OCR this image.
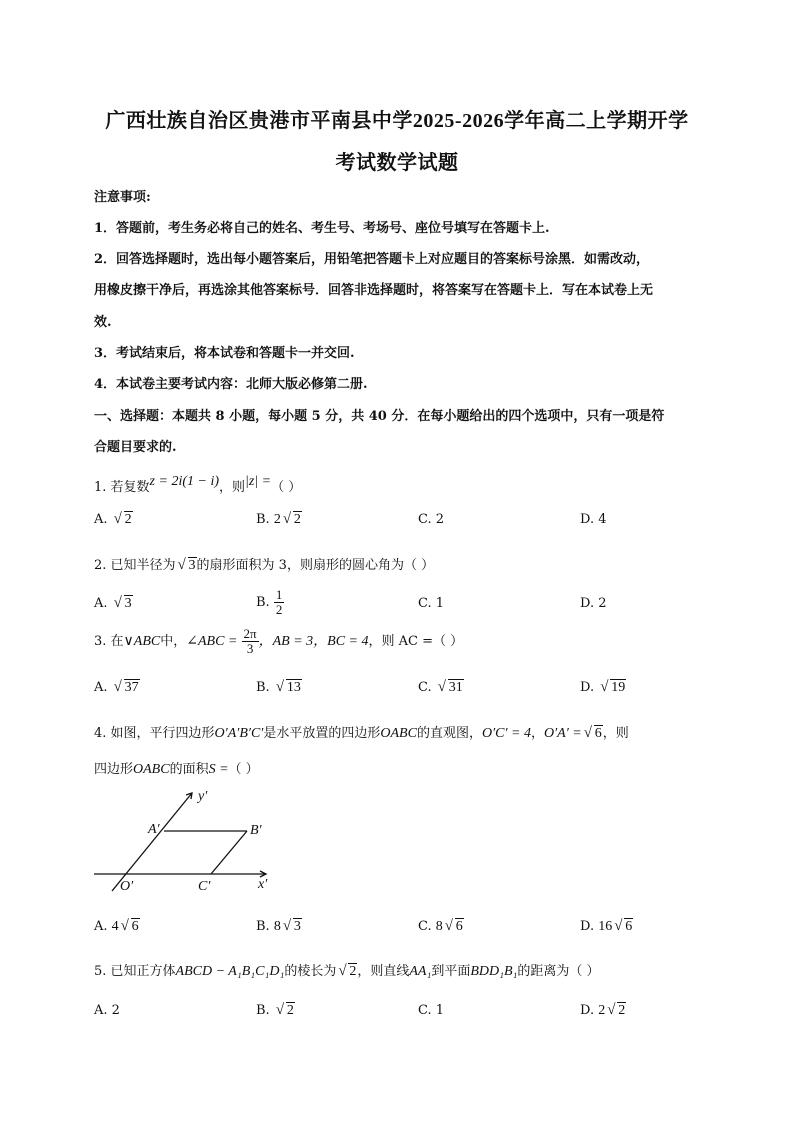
广西壮族自治区贵港市平南县中学2025-2026学年高二上学期开学
考试数学试题
注意事项:
1．答题前，考生务必将自己的姓名、考生号、考场号、座位号填写在答题卡上.
2．回答选择题时，选出每小题答案后，用铅笔把答题卡上对应题目的答案标号涂黑．如需改动，
用橡皮擦干净后，再选涂其他答案标号．回答非选择题时，将答案写在答题卡上．写在本试卷上无
效.
3．考试结束后，将本试卷和答题卡一并交回.
4．本试卷主要考试内容：北师大版必修第二册.
一、选择题：本题共 8 小题，每小题 5 分，共 40 分．在每小题给出的四个选项中，只有一项是符
合题目要求的.
1. 若复数z = 2i(1 − i)，则|z| =（ ）
A. √ 2	B. 2 √ 2	C. 2	D. 4
2. 已知半径为 √ 3的扇形面积为 3，则扇形的圆心角为（ ）
A. √ 3	B. $\frac{1}{2}$	C. 1	D. 2
3. 在∨ABC中，∠ABC = $\frac{2\pi}{3}$ ，AB = 3，BC = 4，则 AC =（ ）
A. √ 37	B. √ 13	C. √ 31	D. √ 19
4. 如图，平行四边形O′A′B′C′是水平放置的四边形OABC的直观图，O′C′ = 4，O′A′ = √ 6，则
四边形OABC的面积S =（ ）
y′
x′
O′
A′	B′
C′
A. 4 √ 6	B. 8 √ 3	C. 8 √ 6	D. 16 √ 6
5. 已知正方体ABCD − A₁B₁C₁D₁的棱长为 √ 2，则直线AA₁到平面BDD₁B₁的距离为（ ）
A. 2	B. √ 2	C. 1	D. 2 √ 2
